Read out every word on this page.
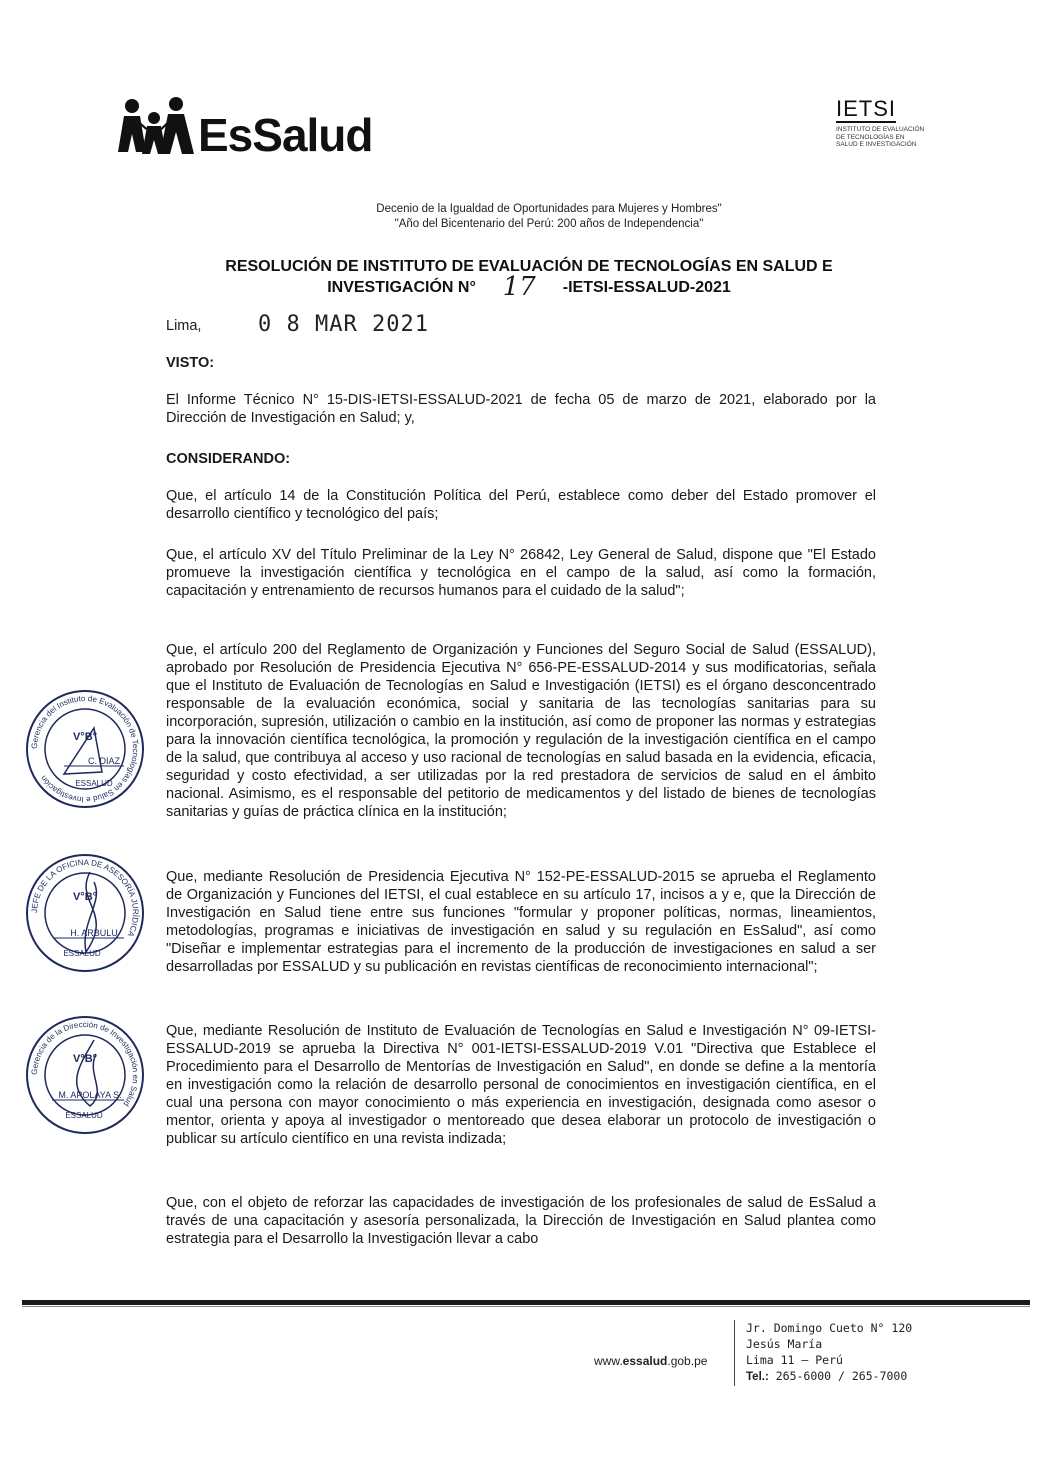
EsSalud
IETSI
INSTITUTO DE EVALUACIÓN DE TECNOLOGÍAS EN SALUD E INVESTIGACIÓN
Decenio de la Igualdad de Oportunidades para Mujeres y Hombres"
"Año del Bicentenario del Perú: 200 años de Independencia"
RESOLUCIÓN DE INSTITUTO DE EVALUACIÓN DE TECNOLOGÍAS EN SALUD E
INVESTIGACIÓN N° 17 -IETSI-ESSALUD-2021
Lima,	0 8 MAR 2021
VISTO:
El Informe Técnico N° 15-DIS-IETSI-ESSALUD-2021 de fecha 05 de marzo de 2021, elaborado por la Dirección de Investigación en Salud; y,
CONSIDERANDO:
Que, el artículo 14 de la Constitución Política del Perú, establece como deber del Estado promover el desarrollo científico y tecnológico del país;
Que, el artículo XV del Título Preliminar de la Ley N° 26842, Ley General de Salud, dispone que "El Estado promueve la investigación científica y tecnológica en el campo de la salud, así como la formación, capacitación y entrenamiento de recursos humanos para el cuidado de la salud";
Que, el artículo 200 del Reglamento de Organización y Funciones del Seguro Social de Salud (ESSALUD), aprobado por Resolución de Presidencia Ejecutiva N° 656-PE-ESSALUD-2014 y sus modificatorias, señala que el Instituto de Evaluación de Tecnologías en Salud e Investigación (IETSI) es el órgano desconcentrado responsable de la evaluación económica, social y sanitaria de las tecnologías sanitarias para su incorporación, supresión, utilización o cambio en la institución, así como de proponer las normas y estrategias para la innovación científica tecnológica, la promoción y regulación de la investigación científica en el campo de la salud, que contribuya al acceso y uso racional de tecnologías en salud basada en la evidencia, eficacia, seguridad y costo efectividad, a ser utilizadas por la red prestadora de servicios de salud en el ámbito nacional. Asimismo, es el responsable del petitorio de medicamentos y del listado de bienes de tecnologías sanitarias y guías de práctica clínica en la institución;
Que, mediante Resolución de Presidencia Ejecutiva N° 152-PE-ESSALUD-2015 se aprueba el Reglamento de Organización y Funciones del IETSI, el cual establece en su artículo 17, incisos a y e, que la Dirección de Investigación en Salud tiene entre sus funciones "formular y proponer políticas, normas, lineamientos, metodologías, programas e iniciativas de investigación en salud y su regulación en EsSalud", así como "Diseñar e implementar estrategias para el incremento de la producción de investigaciones en salud a ser desarrolladas por ESSALUD y su publicación en revistas científicas de reconocimiento internacional";
Que, mediante Resolución de Instituto de Evaluación de Tecnologías en Salud e Investigación N° 09-IETSI-ESSALUD-2019 se aprueba la Directiva N° 001-IETSI-ESSALUD-2019 V.01 "Directiva que Establece el Procedimiento para el Desarrollo de Mentorías de Investigación en Salud", en donde se define a la mentoría en investigación como la relación de desarrollo personal de conocimientos en investigación científica, en el cual una persona con mayor conocimiento o más experiencia en investigación, designada como asesor o mentor, orienta y apoya al investigador o mentoreado que desea elaborar un protocolo de investigación o publicar su artículo científico en una revista indizada;
Que, con el objeto de reforzar las capacidades de investigación de los profesionales de salud de EsSalud a través de una capacitación y asesoría personalizada, la Dirección de Investigación en Salud plantea como estrategia para el Desarrollo la Investigación llevar a cabo
Gerencia del Instituto de Evaluación de Tecnologías en Salud e Investigación
V°B°
C. DIAZ
ESSALUD
JEFE DE LA OFICINA DE ASESORÍA JURÍDICA
V°B°
H. ARBULU
ESSALUD
Gerencia de la Dirección de Investigación en Salud
V°B°
M. APOLAYA S.
ESSALUD
www.essalud.gob.pe
Jr. Domingo Cueto N° 120
Jesús María
Lima 11 – Perú
Tel.: 265-6000 / 265-7000
